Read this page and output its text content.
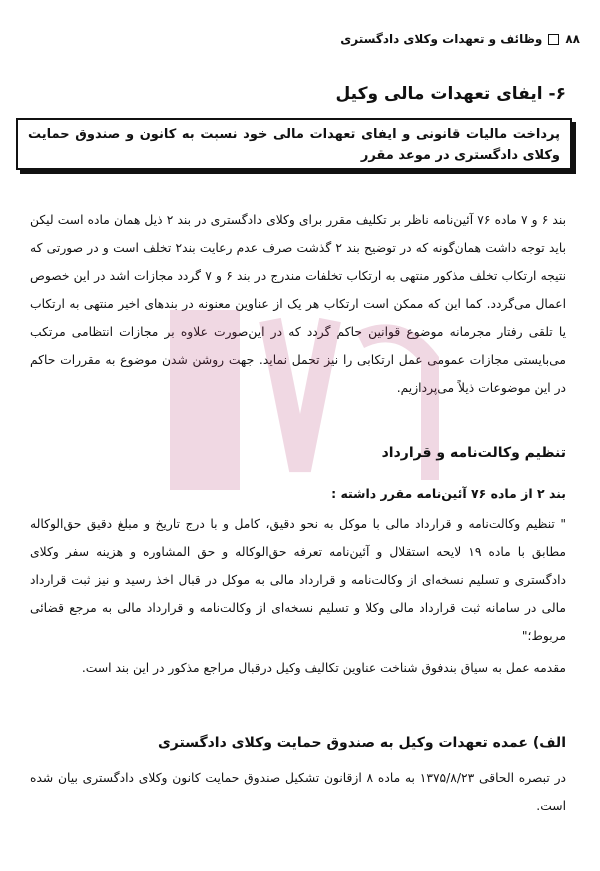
۸۸
وظائف و تعهدات وکلای دادگستری
۶- ایفای تعهدات مالی وکیل
پرداخت مالیات قانونی و ایفای تعهدات مالی خود نسبت به کانون و صندوق حمایت وکلای دادگستری در موعد مقرر
بند ۶ و ۷ ماده ۷۶ آئین‌نامه ناظر بر تکلیف مقرر برای وکلای دادگستری در بند ۲ ذیل همان ماده است لیکن باید توجه داشت همان‌گونه که در توضیح بند ۲ گذشت صرف عدم رعایت بند۲ تخلف است و در صورتی که نتیجه ارتکاب تخلف مذکور منتهی به ارتکاب تخلفات مندرج در بند ۶ و ۷ گردد مجازات اشد در این خصوص اعمال می‌گردد. کما این که ممکن است ارتکاب هر یک از عناوین معنونه در بندهای اخیر منتهی به ارتکاب یا تلقی رفتار مجرمانه موضوع قوانین حاکم گردد که در این‌صورت علاوه بر مجازات انتظامی مرتکب می‌بایستی مجازات عمومی عمل ارتکابی را نیز تحمل نماید. جهت روشن شدن موضوع به مقررات حاکم در این موضوعات ذیلاً می‌پردازیم.
تنظیم وکالت‌نامه و قرارداد
بند ۲ از ماده ۷۶ آئین‌نامه مقرر داشته :
" تنظیم وکالت‌نامه و قرارداد مالی با موکل به نحو دقیق، کامل و با درج تاریخ و مبلغ دقیق حق‌الوکاله مطابق با ماده ۱۹ لایحه استقلال و آئین‌نامه تعرفه حق‌الوکاله و حق المشاوره و هزینه سفر وکلای دادگستری و تسلیم نسخه‌ای از وکالت‌نامه و قرارداد مالی به موکل در قبال اخذ رسید و نیز ثبت قرارداد مالی در سامانه ثبت قرارداد مالی وکلا و تسلیم نسخه‌ای از وکالت‌نامه و قرارداد مالی به مرجع قضائی مربوط؛"
مقدمه عمل به سیاق بندفوق شناخت عناوین تکالیف وکیل درقبال مراجع مذکور در این بند است.
الف) عمده تعهدات وکیل به صندوق حمایت وکلای دادگستری
در تبصره الحاقی ۱۳۷۵/۸/۲۳ به ماده ۸ ازقانون تشکیل صندوق حمایت کانون وکلای دادگستری بیان شده است.
